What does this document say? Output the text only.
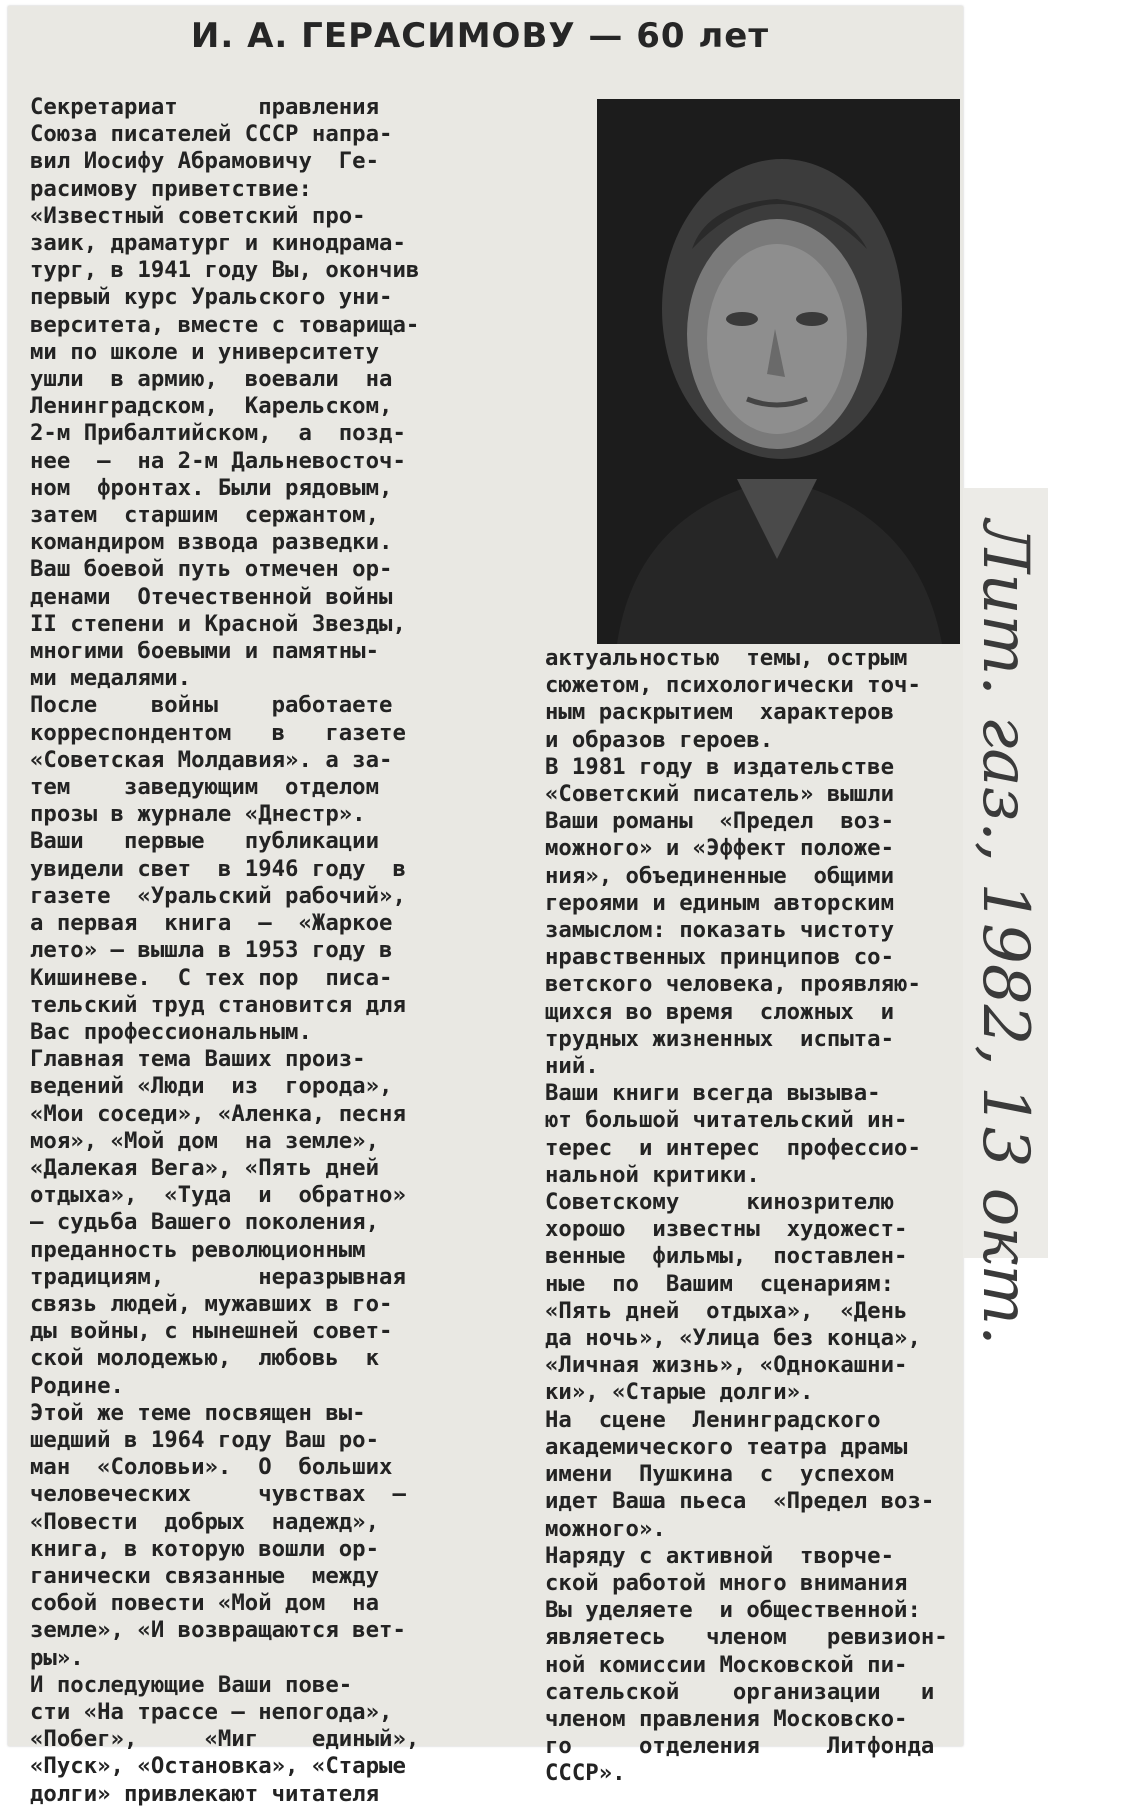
И. А. ГЕРАСИМОВУ — 60 лет
Секретариат      правления
Союза писателей СССР напра-
вил Иосифу Абрамовичу  Ге-
расимову приветствие:
«Известный советский про-
заик, драматург и кинодрама-
тург, в 1941 году Вы, окончив
первый курс Уральского уни-
верситета, вместе с товарища-
ми по школе и университету
ушли  в армию,  воевали  на
Ленинградском,  Карельском,
2-м Прибалтийском,  а  позд-
нее  —  на 2-м Дальневосточ-
ном  фронтах. Были рядовым,
затем  старшим  сержантом,
командиром взвода разведки.
Ваш боевой путь отмечен ор-
денами  Отечественной войны
II степени и Красной Звезды,
многими боевыми и памятны-
ми медалями.
После    войны    работаете
корреспондентом   в   газете
«Советская Молдавия». а за-
тем    заведующим  отделом
прозы в журнале «Днестр».
Ваши   первые   публикации
увидели свет  в 1946 году  в
газете  «Уральский рабочий»,
а первая  книга  —  «Жаркое
лето» — вышла в 1953 году в
Кишиневе.  С тех пор  писа-
тельский труд становится для
Вас профессиональным.
Главная тема Ваших произ-
ведений «Люди  из  города»,
«Мои соседи», «Аленка, песня
моя», «Мой дом  на земле»,
«Далекая Вега», «Пять дней
отдыха»,  «Туда  и  обратно»
— судьба Вашего поколения,
преданность революционным
традициям,       неразрывная
связь людей, мужавших в го-
ды войны, с нынешней совет-
ской молодежью,  любовь  к
Родине.
Этой же теме посвящен вы-
шедший в 1964 году Ваш ро-
ман  «Соловьи».  О  больших
человеческих     чувствах  —
«Повести  добрых  надежд»,
книга, в которую вошли ор-
ганически связанные  между
собой повести «Мой дом  на
земле», «И возвращаются вет-
ры».
И последующие Ваши пове-
сти «На трассе — непогода»,
«Побег»,     «Миг    единый»,
«Пуск», «Остановка», «Старые
долги» привлекают читателя
актуальностью  темы, острым
сюжетом, психологически точ-
ным раскрытием  характеров
и образов героев.
В 1981 году в издательстве
«Советский писатель» вышли
Ваши романы  «Предел  воз-
можного» и «Эффект положе-
ния», объединенные  общими
героями и единым авторским
замыслом: показать чистоту
нравственных принципов со-
ветского человека, проявляю-
щихся во время  сложных  и
трудных жизненных  испыта-
ний.
Ваши книги всегда вызыва-
ют большой читательский ин-
терес  и интерес  профессио-
нальной критики.
Советскому     кинозрителю
хорошо  известны  художест-
венные  фильмы,  поставлен-
ные  по  Вашим  сценариям:
«Пять дней  отдыха»,  «День
да ночь», «Улица без конца»,
«Личная жизнь», «Однокашни-
ки», «Старые долги».
На  сцене  Ленинградского
академического театра драмы
имени  Пушкина  с  успехом
идет Ваша пьеса  «Предел воз-
можного».
Наряду с активной  творче-
ской работой много внимания
Вы уделяете  и общественной:
являетесь   членом   ревизион-
ной комиссии Московской пи-
сательской    организации   и
членом правления Московско-
го     отделения     Литфонда
СССР».
Лит. газ., 1982, 13 окт.
